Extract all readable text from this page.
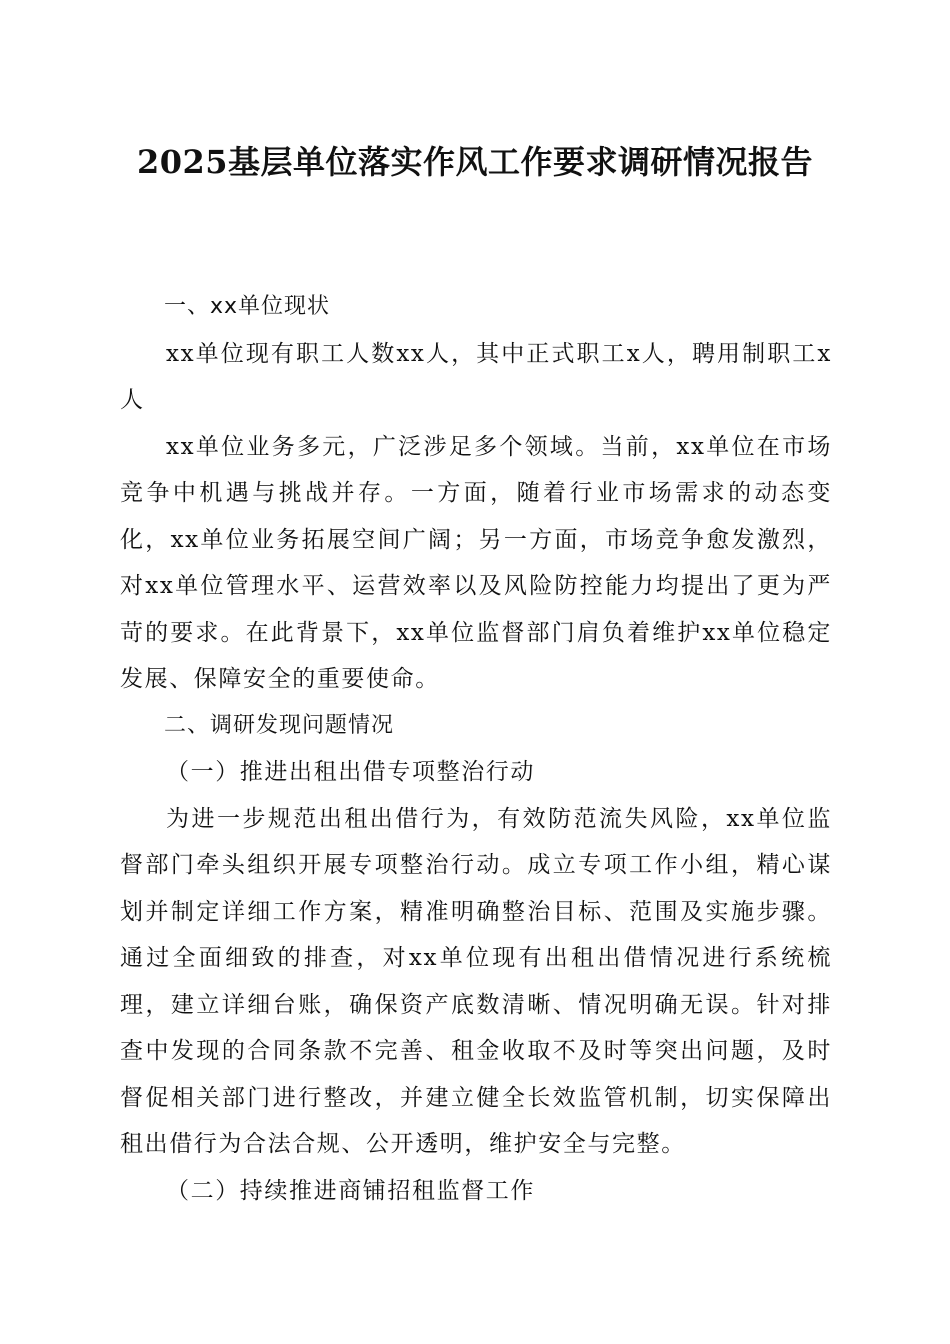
2025基层单位落实作风工作要求调研情况报告
一、xx单位现状

xx单位现有职工人数xx人，其中正式职工x人，聘用制职工x人

xx单位业务多元，广泛涉足多个领域。当前，xx单位在市场竞争中机遇与挑战并存。一方面，随着行业市场需求的动态变化，xx单位业务拓展空间广阔；另一方面，市场竞争愈发激烈，对xx单位管理水平、运营效率以及风险防控能力均提出了更为严苛的要求。在此背景下，xx单位监督部门肩负着维护xx单位稳定发展、保障安全的重要使命。

二、调研发现问题情况
（一）推进出租出借专项整治行动

为进一步规范出租出借行为，有效防范流失风险，xx单位监督部门牵头组织开展专项整治行动。成立专项工作小组，精心谋划并制定详细工作方案，精准明确整治目标、范围及实施步骤。通过全面细致的排查，对xx单位现有出租出借情况进行系统梳理，建立详细台账，确保资产底数清晰、情况明确无误。针对排查中发现的合同条款不完善、租金收取不及时等突出问题，及时督促相关部门进行整改，并建立健全长效监管机制，切实保障出租出借行为合法合规、公开透明，维护安全与完整。

（二）持续推进商铺招租监督工作
